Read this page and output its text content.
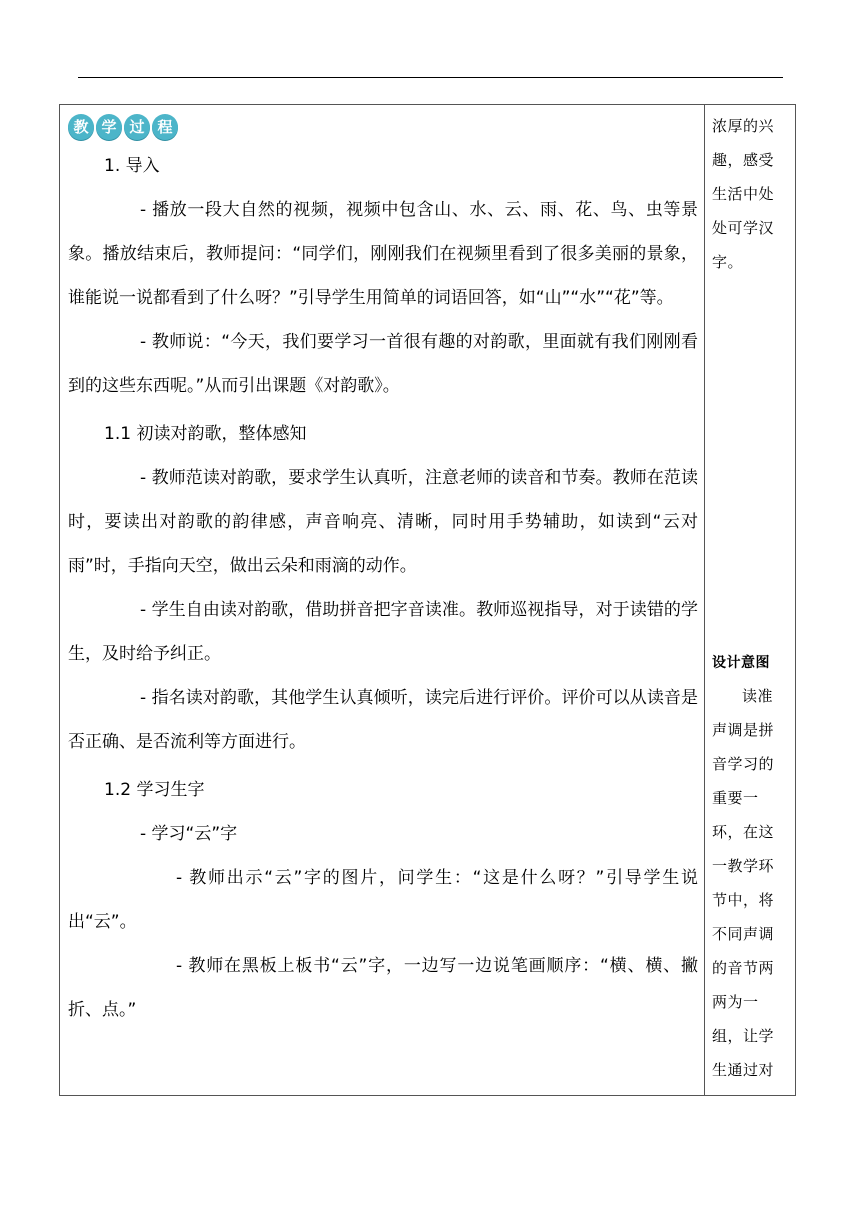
教 学 过 程

1. 导入

- 播放一段大自然的视频，视频中包含山、水、云、雨、花、鸟、虫等景象。播放结束后，教师提问：“同学们，刚刚我们在视频里看到了很多美丽的景象，谁能说一说都看到了什么呀？”引导学生用简单的词语回答，如“山”“水”“花”等。

- 教师说：“今天，我们要学习一首很有趣的对韵歌，里面就有我们刚刚看到的这些东西呢。”从而引出课题《对韵歌》。

1.1 初读对韵歌，整体感知

- 教师范读对韵歌，要求学生认真听，注意老师的读音和节奏。教师在范读时，要读出对韵歌的韵律感，声音响亮、清晰，同时用手势辅助，如读到“云对雨”时，手指向天空，做出云朵和雨滴的动作。

- 学生自由读对韵歌，借助拼音把字音读准。教师巡视指导，对于读错的学生，及时给予纠正。

- 指名读对韵歌，其他学生认真倾听，读完后进行评价。评价可以从读音是否正确、是否流利等方面进行。

1.2 学习生字

- 学习“云”字

- 教师出示“云”字的图片，问学生：“这是什么呀？”引导学生说出“云”。

- 教师在黑板上板书“云”字，一边写一边说笔画顺序：“横、横、撇折、点。”

浓厚的兴趣，感受生活中处处可学汉字。

设计意图

读准声调是拼音学习的重要一环，在这一教学环节中，将不同声调的音节两两为一组，让学生通过对
